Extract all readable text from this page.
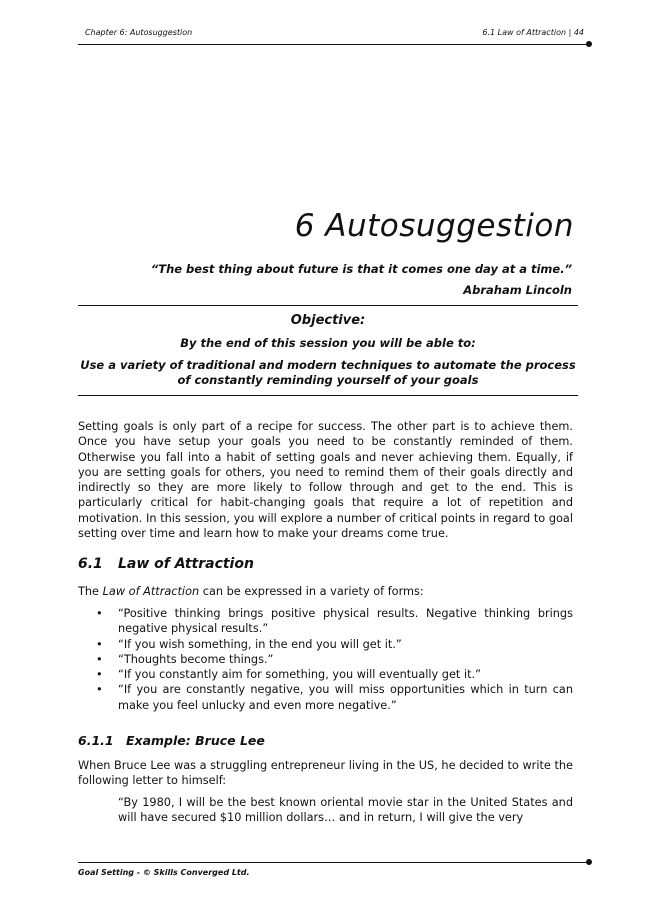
Chapter 6: Autosuggestion	6.1 Law of Attraction | 44
6 Autosuggestion
“The best thing about future is that it comes one day at a time.”
Abraham Lincoln
Objective:
By the end of this session you will be able to:
Use a variety of traditional and modern techniques to automate the process
of constantly reminding yourself of your goals
Setting goals is only part of a recipe for success. The other part is to achieve them. Once you have setup your goals you need to be constantly reminded of them. Otherwise you fall into a habit of setting goals and never achieving them. Equally, if you are setting goals for others, you need to remind them of their goals directly and indirectly so they are more likely to follow through and get to the end. This is particularly critical for habit-changing goals that require a lot of repetition and motivation. In this session, you will explore a number of critical points in regard to goal setting over time and learn how to make your dreams come true.
6.1 Law of Attraction
The Law of Attraction can be expressed in a variety of forms:
• “Positive thinking brings positive physical results. Negative thinking brings negative physical results.”
• “If you wish something, in the end you will get it.”
• “Thoughts become things.”
• “If you constantly aim for something, you will eventually get it.”
• “If you are constantly negative, you will miss opportunities which in turn can make you feel unlucky and even more negative.”
6.1.1 Example: Bruce Lee
When Bruce Lee was a struggling entrepreneur living in the US, he decided to write the following letter to himself:
“By 1980, I will be the best known oriental movie star in the United States and will have secured $10 million dollars… and in return, I will give the very
Goal Setting - © Skills Converged Ltd.
